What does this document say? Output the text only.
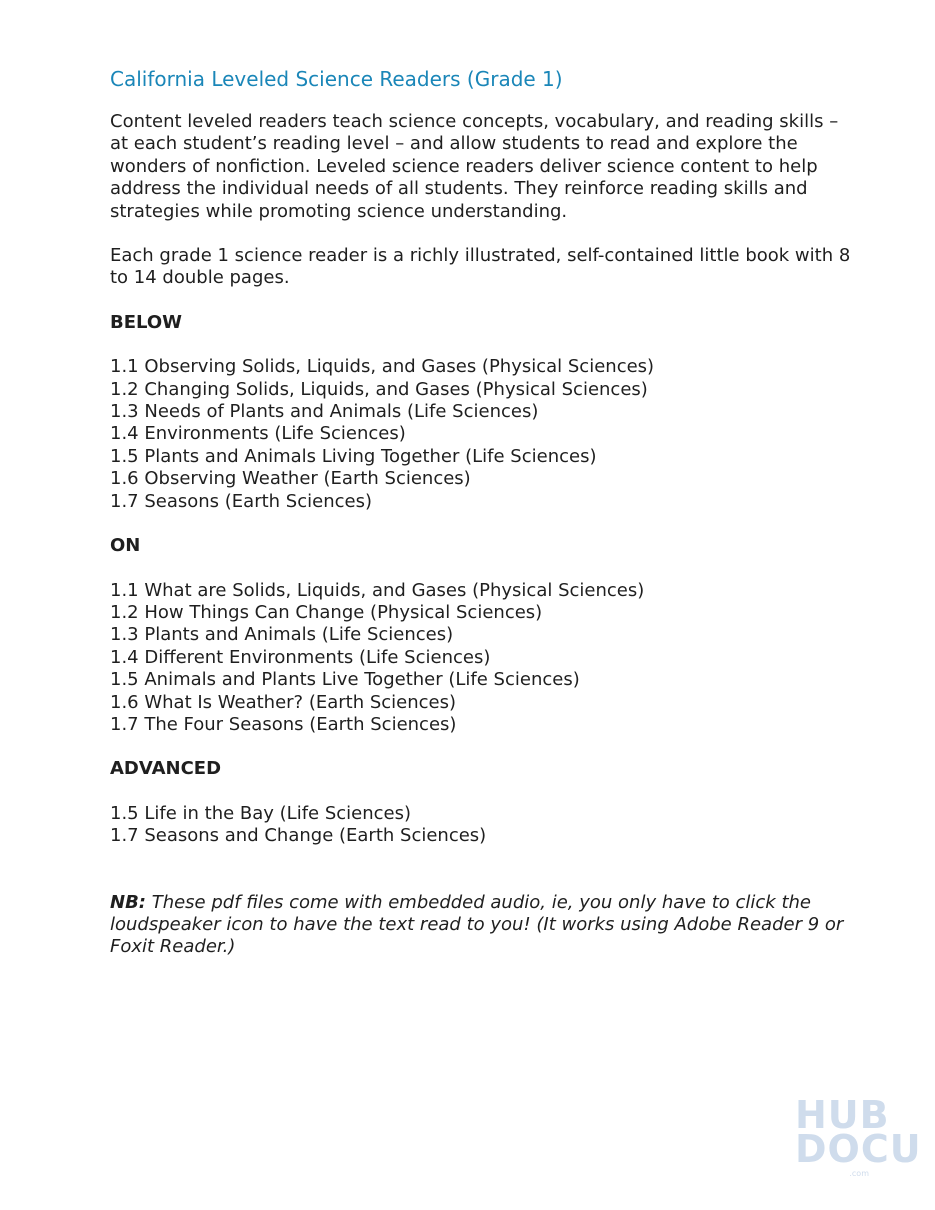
California Leveled Science Readers (Grade 1)

Content leveled readers teach science concepts, vocabulary, and reading skills – at each student’s reading level – and allow students to read and explore the wonders of nonfiction. Leveled science readers deliver science content to help address the individual needs of all students. They reinforce reading skills and strategies while promoting science understanding.

Each grade 1 science reader is a richly illustrated, self-contained little book with 8 to 14 double pages.

BELOW

1.1 Observing Solids, Liquids, and Gases (Physical Sciences)
1.2 Changing Solids, Liquids, and Gases (Physical Sciences)
1.3 Needs of Plants and Animals (Life Sciences)
1.4 Environments (Life Sciences)
1.5 Plants and Animals Living Together (Life Sciences)
1.6 Observing Weather (Earth Sciences)
1.7 Seasons (Earth Sciences)

ON

1.1 What are Solids, Liquids, and Gases (Physical Sciences)
1.2 How Things Can Change (Physical Sciences)
1.3 Plants and Animals (Life Sciences)
1.4 Different Environments (Life Sciences)
1.5 Animals and Plants Live Together (Life Sciences)
1.6 What Is Weather? (Earth Sciences)
1.7 The Four Seasons (Earth Sciences)

ADVANCED

1.5 Life in the Bay (Life Sciences)
1.7 Seasons and Change (Earth Sciences)

NB: These pdf files come with embedded audio, ie, you only have to click the loudspeaker icon to have the text read to you! (It works using Adobe Reader 9 or Foxit Reader.)

HUB
DOCU
.com
